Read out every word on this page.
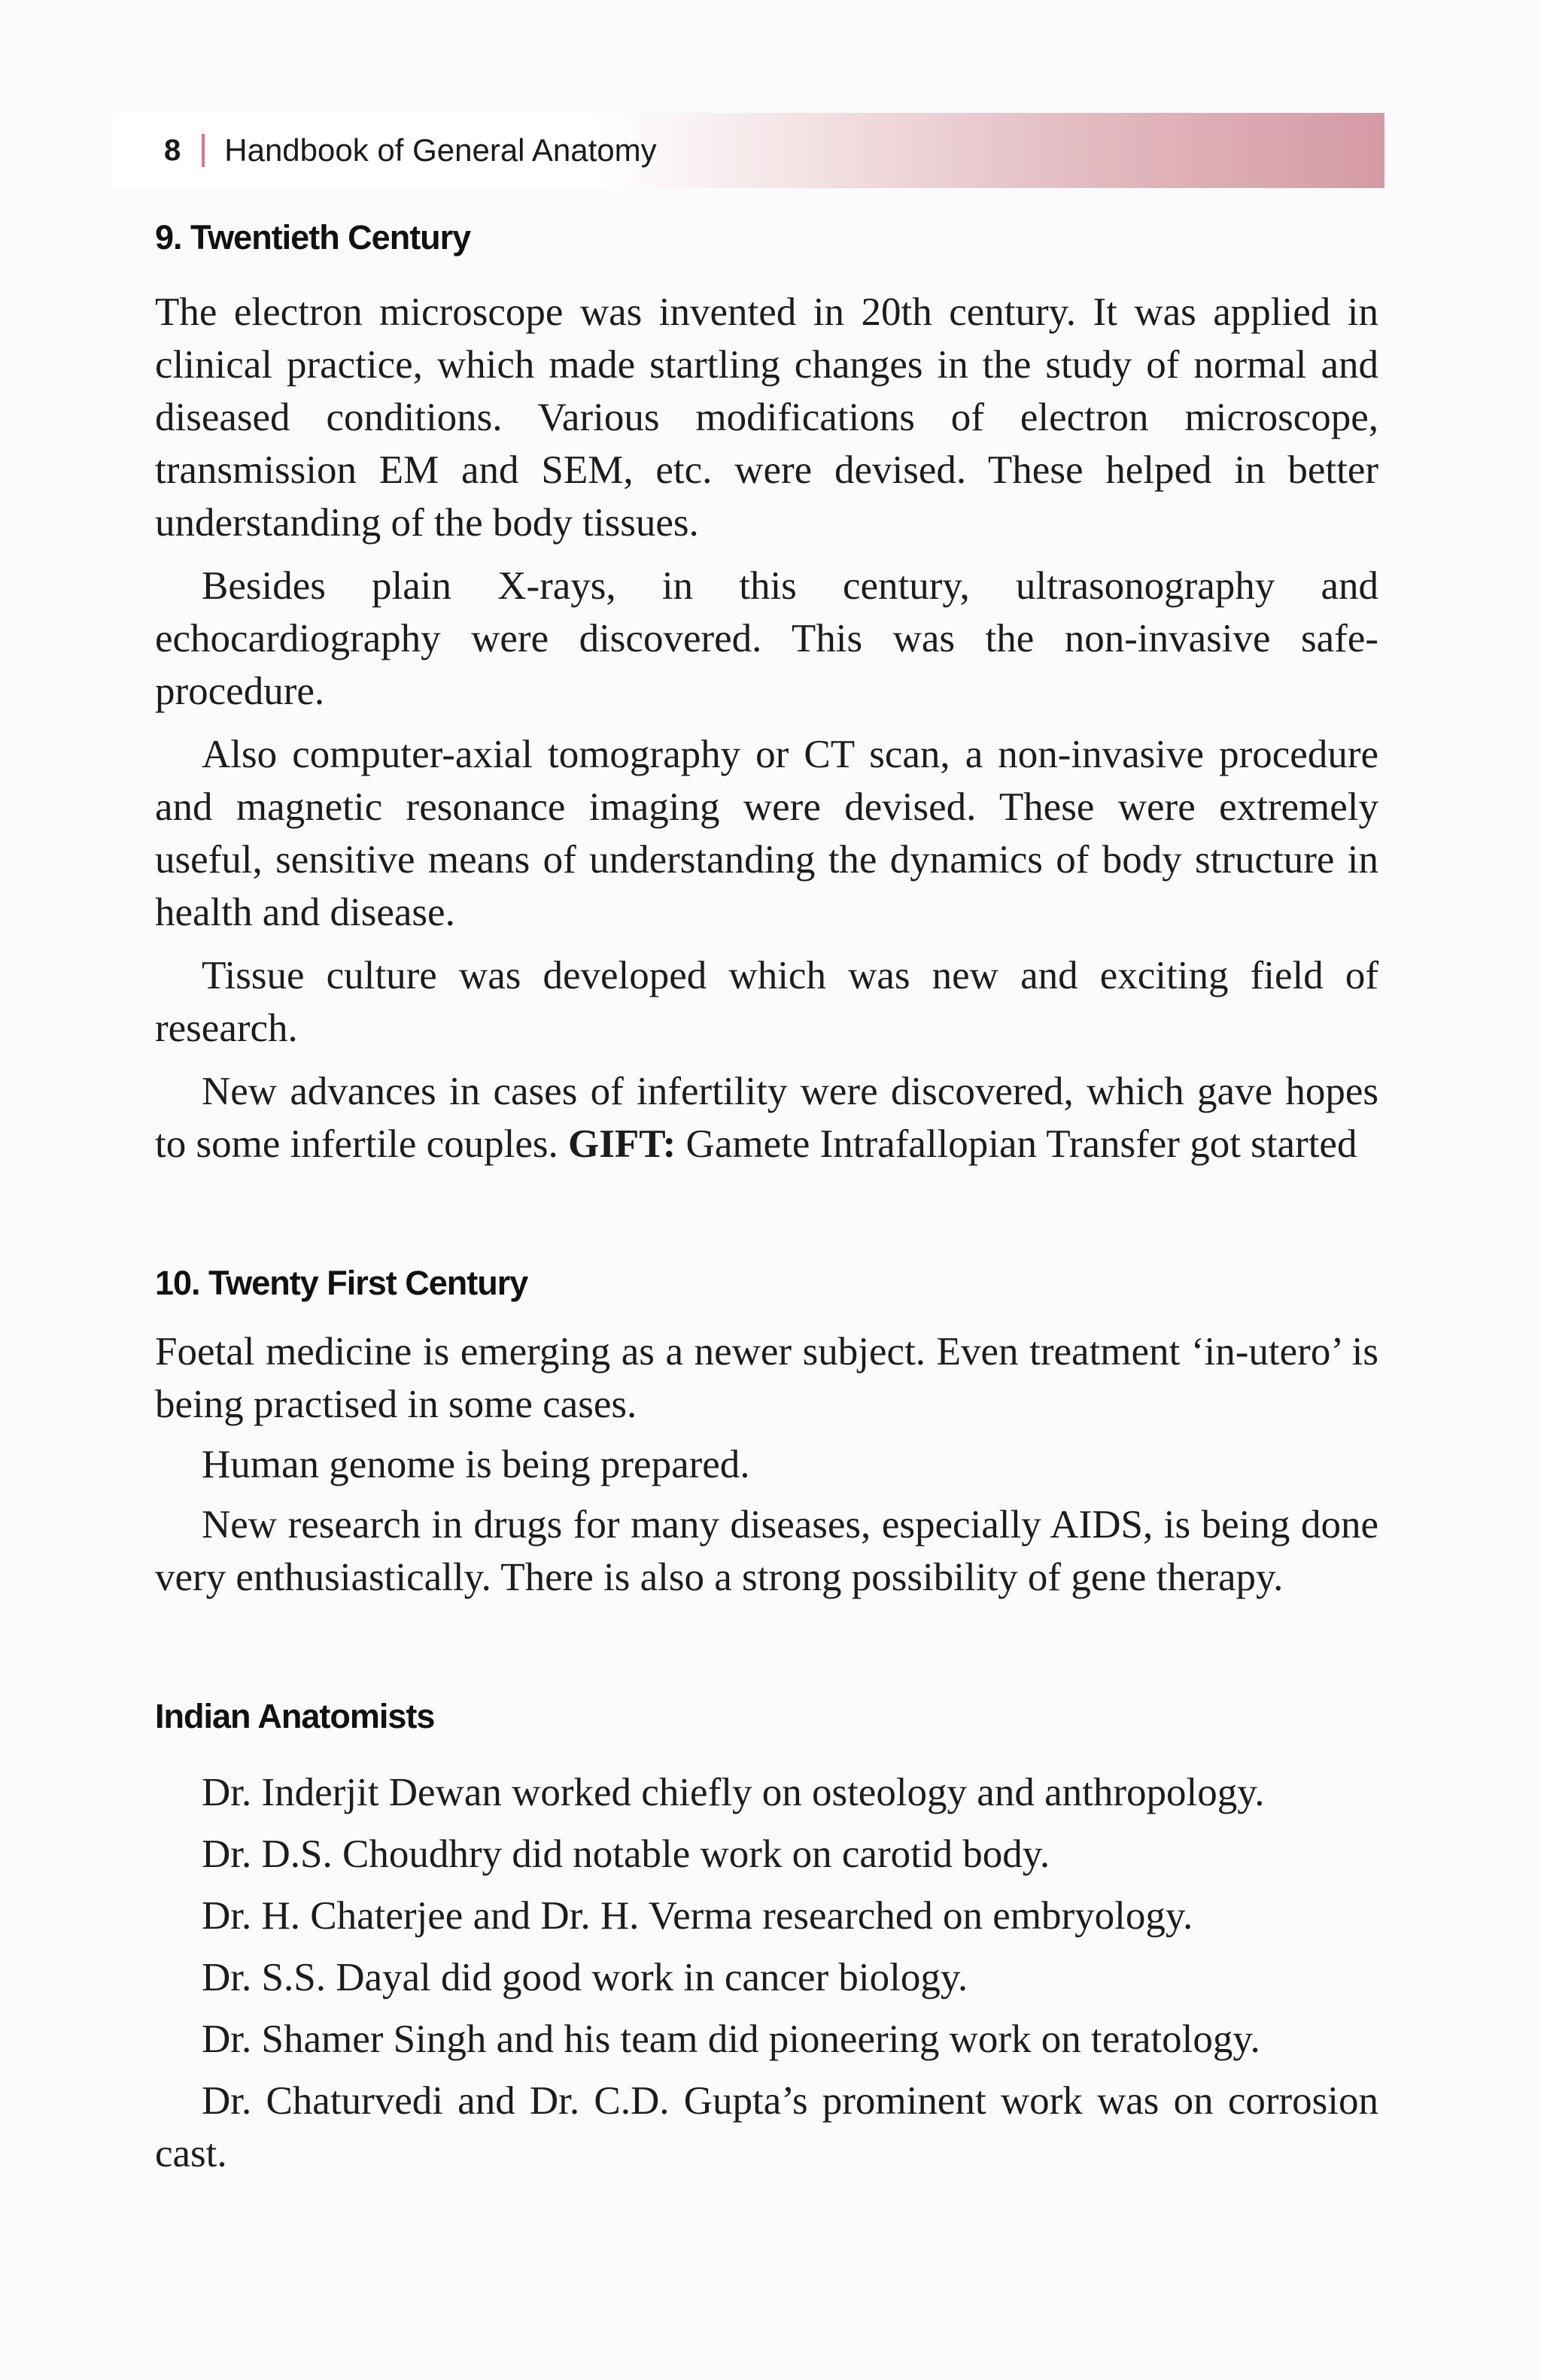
8 Handbook of General Anatomy
9. Twentieth Century

The electron microscope was invented in 20th century. It was applied in clinical practice, which made startling changes in the study of normal and diseased conditions. Various modifications of electron microscope, transmission EM and SEM, etc. were devised. These helped in better understanding of the body tissues.

Besides plain X-rays, in this century, ultrasonography and echocardiography were discovered. This was the non-invasive safe-procedure.

Also computer-axial tomography or CT scan, a non-invasive procedure and magnetic resonance imaging were devised. These were extremely useful, sensitive means of understanding the dynamics of body structure in health and disease.

Tissue culture was developed which was new and exciting field of research.

New advances in cases of infertility were discovered, which gave hopes to some infertile couples. GIFT: Gamete Intrafallopian Transfer got started

10. Twenty First Century

Foetal medicine is emerging as a newer subject. Even treatment ‘in-utero’ is being practised in some cases.

Human genome is being prepared.

New research in drugs for many diseases, especially AIDS, is being done very enthusiastically. There is also a strong possibility of gene therapy.

Indian Anatomists

Dr. Inderjit Dewan worked chiefly on osteology and anthropology.

Dr. D.S. Choudhry did notable work on carotid body.

Dr. H. Chaterjee and Dr. H. Verma researched on embryology.

Dr. S.S. Dayal did good work in cancer biology.

Dr. Shamer Singh and his team did pioneering work on teratology.

Dr. Chaturvedi and Dr. C.D. Gupta’s prominent work was on corrosion cast.
